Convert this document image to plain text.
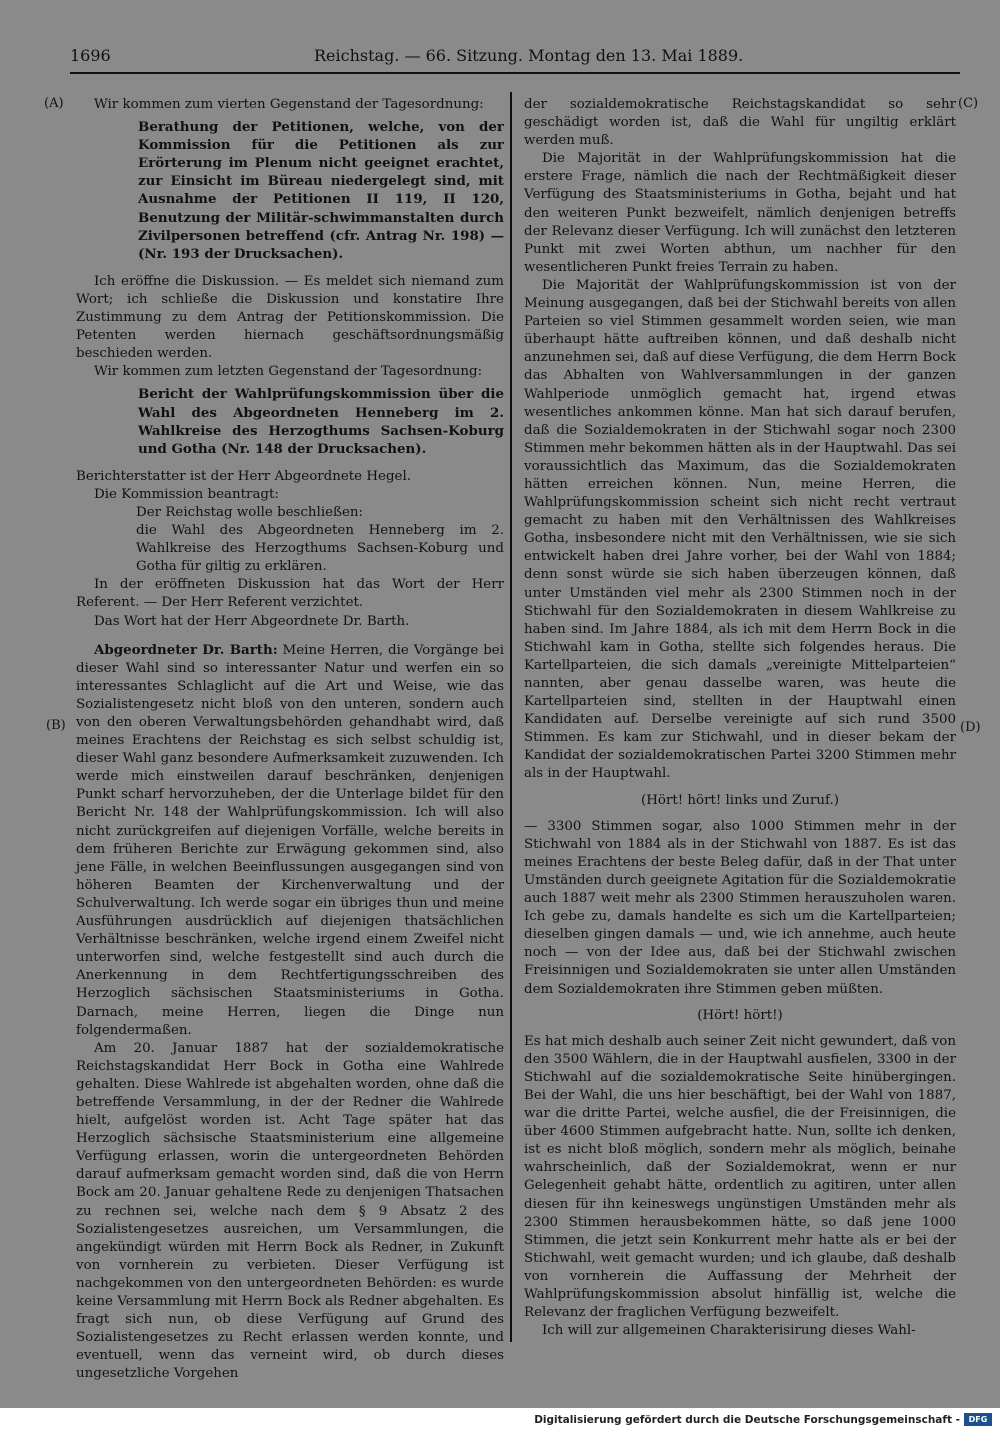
1696	Reichstag. — 66. Sitzung. Montag den 13. Mai 1889.
(A)
(B)
(C)
(D)

Wir kommen zum vierten Gegenstand der Tagesordnung:

Berathung der Petitionen, welche, von der Kommission für die Petitionen als zur Erörterung im Plenum nicht geeignet erachtet, zur Einsicht im Büreau niedergelegt sind, mit Ausnahme der Petitionen II 119, II 120, Benutzung der Militär-schwimmanstalten durch Zivilpersonen betreffend (cfr. Antrag Nr. 198) — (Nr. 193 der Drucksachen).

Ich eröffne die Diskussion. — Es meldet sich niemand zum Wort; ich schließe die Diskussion und konstatire Ihre Zustimmung zu dem Antrag der Petitionskommission. Die Petenten werden hiernach geschäftsordnungsmäßig beschieden werden.

Wir kommen zum letzten Gegenstand der Tagesordnung:

Bericht der Wahlprüfungskommission über die Wahl des Abgeordneten Henneberg im 2. Wahlkreise des Herzogthums Sachsen-Koburg und Gotha (Nr. 148 der Drucksachen).

Berichterstatter ist der Herr Abgeordnete Hegel.

Die Kommission beantragt:

Der Reichstag wolle beschließen:

die Wahl des Abgeordneten Henneberg im 2. Wahlkreise des Herzogthums Sachsen-Koburg und Gotha für giltig zu erklären.

In der eröffneten Diskussion hat das Wort der Herr Referent. — Der Herr Referent verzichtet.

Das Wort hat der Herr Abgeordnete Dr. Barth.

Abgeordneter Dr. Barth: Meine Herren, die Vorgänge bei dieser Wahl sind so interessanter Natur und werfen ein so interessantes Schlaglicht auf die Art und Weise, wie das Sozialistengesetz nicht bloß von den unteren, sondern auch von den oberen Verwaltungsbehörden gehandhabt wird, daß meines Erachtens der Reichstag es sich selbst schuldig ist, dieser Wahl ganz besondere Aufmerksamkeit zuzuwenden. Ich werde mich einstweilen darauf beschränken, denjenigen Punkt scharf hervorzuheben, der die Unterlage bildet für den Bericht Nr. 148 der Wahlprüfungskommission. Ich will also nicht zurückgreifen auf diejenigen Vorfälle, welche bereits in dem früheren Berichte zur Erwägung gekommen sind, also jene Fälle, in welchen Beeinflussungen ausgegangen sind von höheren Beamten der Kirchenverwaltung und der Schulverwaltung. Ich werde sogar ein übriges thun und meine Ausführungen ausdrücklich auf diejenigen thatsächlichen Verhältnisse beschränken, welche irgend einem Zweifel nicht unterworfen sind, welche festgestellt sind auch durch die Anerkennung in dem Rechtfertigungsschreiben des Herzoglich sächsischen Staatsministeriums in Gotha. Darnach, meine Herren, liegen die Dinge nun folgendermaßen.

Am 20. Januar 1887 hat der sozialdemokratische Reichstagskandidat Herr Bock in Gotha eine Wahlrede gehalten. Diese Wahlrede ist abgehalten worden, ohne daß die betreffende Versammlung, in der der Redner die Wahlrede hielt, aufgelöst worden ist. Acht Tage später hat das Herzoglich sächsische Staatsministerium eine allgemeine Verfügung erlassen, worin die untergeordneten Behörden darauf aufmerksam gemacht worden sind, daß die von Herrn Bock am 20. Januar gehaltene Rede zu denjenigen Thatsachen zu rechnen sei, welche nach dem § 9 Absatz 2 des Sozialistengesetzes ausreichen, um Versammlungen, die angekündigt würden mit Herrn Bock als Redner, in Zukunft von vornherein zu verbieten. Dieser Verfügung ist nachgekommen von den untergeordneten Behörden: es wurde keine Versammlung mit Herrn Bock als Redner abgehalten. Es fragt sich nun, ob diese Verfügung auf Grund des Sozialistengesetzes zu Recht erlassen werden konnte, und eventuell, wenn das verneint wird, ob durch dieses ungesetzliche Vorgehen

der sozialdemokratische Reichstagskandidat so sehr geschädigt worden ist, daß die Wahl für ungiltig erklärt werden muß.

Die Majorität in der Wahlprüfungskommission hat die erstere Frage, nämlich die nach der Rechtmäßigkeit dieser Verfügung des Staatsministeriums in Gotha, bejaht und hat den weiteren Punkt bezweifelt, nämlich denjenigen betreffs der Relevanz dieser Verfügung. Ich will zunächst den letzteren Punkt mit zwei Worten abthun, um nachher für den wesentlicheren Punkt freies Terrain zu haben.

Die Majorität der Wahlprüfungskommission ist von der Meinung ausgegangen, daß bei der Stichwahl bereits von allen Parteien so viel Stimmen gesammelt worden seien, wie man überhaupt hätte auftreiben können, und daß deshalb nicht anzunehmen sei, daß auf diese Verfügung, die dem Herrn Bock das Abhalten von Wahlversammlungen in der ganzen Wahlperiode unmöglich gemacht hat, irgend etwas wesentliches ankommen könne. Man hat sich darauf berufen, daß die Sozialdemokraten in der Stichwahl sogar noch 2300 Stimmen mehr bekommen hätten als in der Hauptwahl. Das sei voraussichtlich das Maximum, das die Sozialdemokraten hätten erreichen können. Nun, meine Herren, die Wahlprüfungskommission scheint sich nicht recht vertraut gemacht zu haben mit den Verhältnissen des Wahlkreises Gotha, insbesondere nicht mit den Verhältnissen, wie sie sich entwickelt haben drei Jahre vorher, bei der Wahl von 1884; denn sonst würde sie sich haben überzeugen können, daß unter Umständen viel mehr als 2300 Stimmen noch in der Stichwahl für den Sozialdemokraten in diesem Wahlkreise zu haben sind. Im Jahre 1884, als ich mit dem Herrn Bock in die Stichwahl kam in Gotha, stellte sich folgendes heraus. Die Kartellparteien, die sich damals „vereinigte Mittelparteien“ nannten, aber genau dasselbe waren, was heute die Kartellparteien sind, stellten in der Hauptwahl einen Kandidaten auf. Derselbe vereinigte auf sich rund 3500 Stimmen. Es kam zur Stichwahl, und in dieser bekam der Kandidat der sozialdemokratischen Partei 3200 Stimmen mehr als in der Hauptwahl.

(Hört! hört! links und Zuruf.)

— 3300 Stimmen sogar, also 1000 Stimmen mehr in der Stichwahl von 1884 als in der Stichwahl von 1887. Es ist das meines Erachtens der beste Beleg dafür, daß in der That unter Umständen durch geeignete Agitation für die Sozialdemokratie auch 1887 weit mehr als 2300 Stimmen herauszuholen waren. Ich gebe zu, damals handelte es sich um die Kartellparteien; dieselben gingen damals — und, wie ich annehme, auch heute noch — von der Idee aus, daß bei der Stichwahl zwischen Freisinnigen und Sozialdemokraten sie unter allen Umständen dem Sozialdemokraten ihre Stimmen geben müßten.

(Hört! hört!)

Es hat mich deshalb auch seiner Zeit nicht gewundert, daß von den 3500 Wählern, die in der Hauptwahl ausfielen, 3300 in der Stichwahl auf die sozialdemokratische Seite hinübergingen. Bei der Wahl, die uns hier beschäftigt, bei der Wahl von 1887, war die dritte Partei, welche ausfiel, die der Freisinnigen, die über 4600 Stimmen aufgebracht hatte. Nun, sollte ich denken, ist es nicht bloß möglich, sondern mehr als möglich, beinahe wahrscheinlich, daß der Sozialdemokrat, wenn er nur Gelegenheit gehabt hätte, ordentlich zu agitiren, unter allen diesen für ihn keineswegs ungünstigen Umständen mehr als 2300 Stimmen herausbekommen hätte, so daß jene 1000 Stimmen, die jetzt sein Konkurrent mehr hatte als er bei der Stichwahl, weit gemacht wurden; und ich glaube, daß deshalb von vornherein die Auffassung der Mehrheit der Wahlprüfungskommission absolut hinfällig ist, welche die Relevanz der fraglichen Verfügung bezweifelt.

Ich will zur allgemeinen Charakterisirung dieses Wahl-

Digitalisierung gefördert durch die Deutsche Forschungsgemeinschaft -	DFG
